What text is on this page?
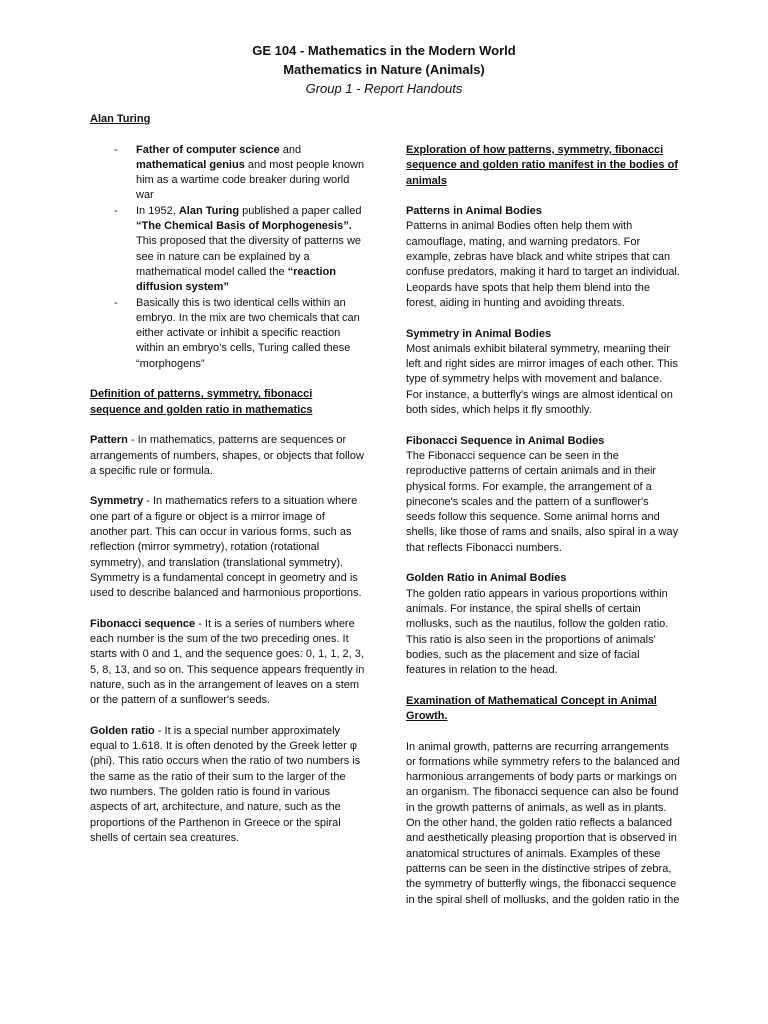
GE 104 - Mathematics in the Modern World
Mathematics in Nature (Animals)
Group 1 - Report Handouts

Alan Turing

- Father of computer science and mathematical genius and most people known him as a wartime code breaker during world war
- In 1952, Alan Turing published a paper called “The Chemical Basis of Morphogenesis”. This proposed that the diversity of patterns we see in nature can be explained by a mathematical model called the “reaction diffusion system”
- Basically this is two identical cells within an embryo. In the mix are two chemicals that can either activate or inhibit a specific reaction within an embryo’s cells, Turing called these “morphogens”

Definition of patterns, symmetry, fibonacci sequence and golden ratio in mathematics

Pattern - In mathematics, patterns are sequences or arrangements of numbers, shapes, or objects that follow a specific rule or formula.

Symmetry - In mathematics refers to a situation where one part of a figure or object is a mirror image of another part. This can occur in various forms, such as reflection (mirror symmetry), rotation (rotational symmetry), and translation (translational symmetry). Symmetry is a fundamental concept in geometry and is used to describe balanced and harmonious proportions.

Fibonacci sequence - It is a series of numbers where each number is the sum of the two preceding ones. It starts with 0 and 1, and the sequence goes: 0, 1, 1, 2, 3, 5, 8, 13, and so on. This sequence appears frequently in nature, such as in the arrangement of leaves on a stem or the pattern of a sunflower's seeds.

Golden ratio - It is a special number approximately equal to 1.618. It is often denoted by the Greek letter φ (phi). This ratio occurs when the ratio of two numbers is the same as the ratio of their sum to the larger of the two numbers. The golden ratio is found in various aspects of art, architecture, and nature, such as the proportions of the Parthenon in Greece or the spiral shells of certain sea creatures.

Exploration of how patterns, symmetry, fibonacci sequence and golden ratio manifest in the bodies of animals

Patterns in Animal Bodies

Patterns in animal Bodies often help them with camouflage, mating, and warning predators. For example, zebras have black and white stripes that can confuse predators, making it hard to target an individual. Leopards have spots that help them blend into the forest, aiding in hunting and avoiding threats.

Symmetry in Animal Bodies

Most animals exhibit bilateral symmetry, meaning their left and right sides are mirror images of each other. This type of symmetry helps with movement and balance. For instance, a butterfly's wings are almost identical on both sides, which helps it fly smoothly.

Fibonacci Sequence in Animal Bodies

The Fibonacci sequence can be seen in the reproductive patterns of certain animals and in their physical forms. For example, the arrangement of a pinecone's scales and the pattern of a sunflower's seeds follow this sequence. Some animal horns and shells, like those of rams and snails, also spiral in a way that reflects Fibonacci numbers.

Golden Ratio in Animal Bodies

The golden ratio appears in various proportions within animals. For instance, the spiral shells of certain mollusks, such as the nautilus, follow the golden ratio. This ratio is also seen in the proportions of animals' bodies, such as the placement and size of facial features in relation to the head.

Examination of Mathematical Concept in Animal Growth.

In animal growth, patterns are recurring arrangements or formations while symmetry refers to the balanced and harmonious arrangements of body parts or markings on an organism. The fibonacci sequence can also be found in the growth patterns of animals, as well as in plants. On the other hand, the golden ratio reflects a balanced and aesthetically pleasing proportion that is observed in anatomical structures of animals. Examples of these patterns can be seen in the distinctive stripes of zebra, the symmetry of butterfly wings, the fibonacci sequence in the spiral shell of mollusks, and the golden ratio in the
